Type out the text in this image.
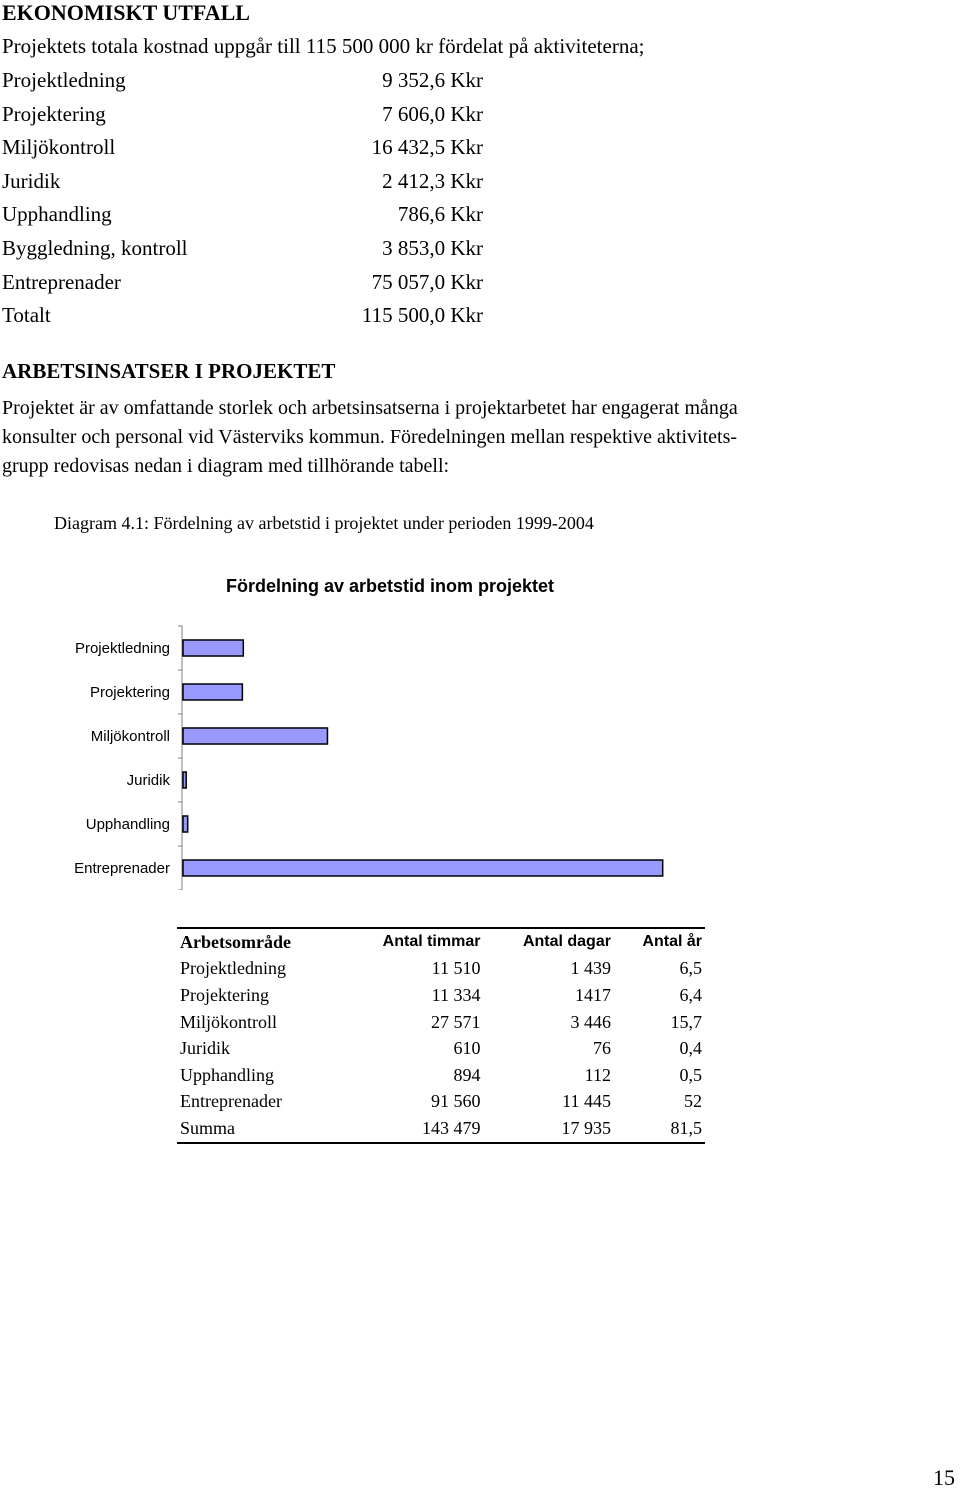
EKONOMISKT UTFALL
Projektets totala kostnad uppgår till 115 500 000 kr fördelat på aktiviteterna;
Projektledning	9 352,6 Kkr
Projektering	7 606,0 Kkr
Miljökontroll	16 432,5 Kkr
Juridik	2 412,3 Kkr
Upphandling	786,6 Kkr
Byggledning, kontroll	3 853,0 Kkr
Entreprenader	75 057,0 Kkr
Totalt	115 500,0 Kkr
ARBETSINSATSER I PROJEKTET
Projektet är av omfattande storlek och arbetsinsatserna i projektarbetet har engagerat många
konsulter och personal vid Västerviks kommun. Föredelningen mellan respektive aktivitets-
grupp redovisas nedan i diagram med tillhörande tabell:
Diagram 4.1: Fördelning av arbetstid i projektet under perioden 1999-2004
Fördelning av arbetstid inom projektet
Projektledning
Projektering
Miljökontroll
Juridik
Upphandling
Entreprenader
Arbetsområde	Antal timmar	Antal dagar	Antal år
Projektledning	11 510	1 439	6,5
Projektering	11 334	1417	6,4
Miljökontroll	27 571	3 446	15,7
Juridik	610	76	0,4
Upphandling	894	112	0,5
Entreprenader	91 560	11 445	52
Summa	143 479	17 935	81,5
15
